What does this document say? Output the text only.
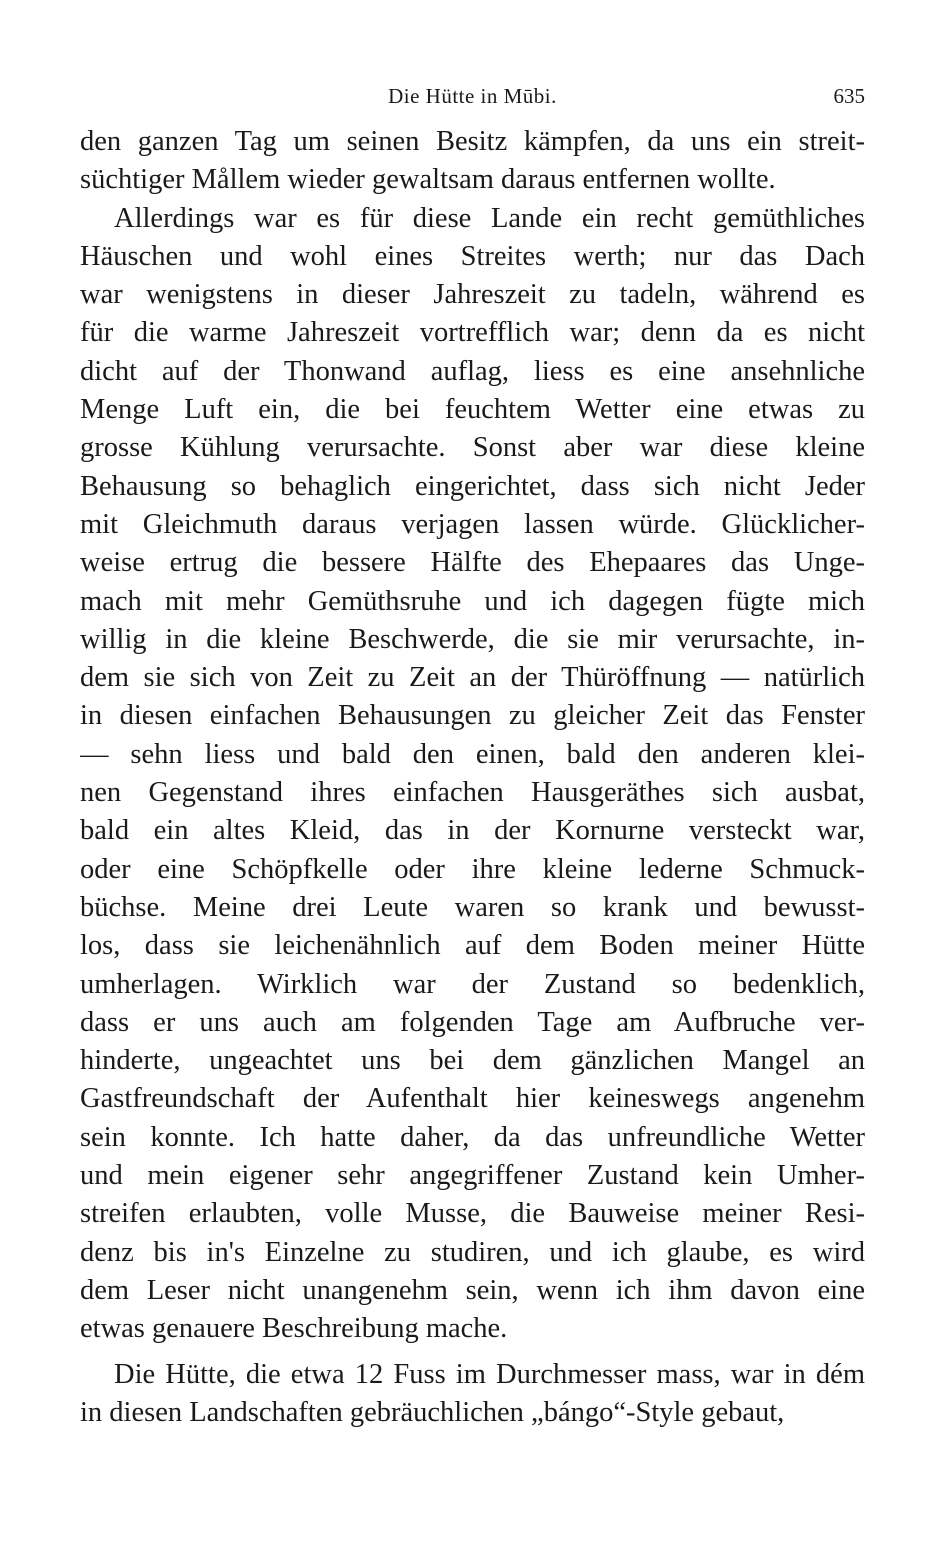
Die Hütte in Mūbi.	635
den ganzen Tag um seinen Besitz kämpfen, da uns ein streit-
süchtiger Mållem wieder gewaltsam daraus entfernen wollte.
Allerdings war es für diese Lande ein recht gemüthliches
Häuschen und wohl eines Streites werth; nur das Dach
war wenigstens in dieser Jahreszeit zu tadeln, während es
für die warme Jahreszeit vortrefflich war; denn da es nicht
dicht auf der Thonwand auflag, liess es eine ansehnliche
Menge Luft ein, die bei feuchtem Wetter eine etwas zu
grosse Kühlung verursachte. Sonst aber war diese kleine
Behausung so behaglich eingerichtet, dass sich nicht Jeder
mit Gleichmuth daraus verjagen lassen würde. Glücklicher-
weise ertrug die bessere Hälfte des Ehepaares das Unge-
mach mit mehr Gemüthsruhe und ich dagegen fügte mich
willig in die kleine Beschwerde, die sie mir verursachte, in-
dem sie sich von Zeit zu Zeit an der Thüröffnung — natürlich
in diesen einfachen Behausungen zu gleicher Zeit das Fenster
— sehn liess und bald den einen, bald den anderen klei-
nen Gegenstand ihres einfachen Hausgeräthes sich ausbat,
bald ein altes Kleid, das in der Kornurne versteckt war,
oder eine Schöpfkelle oder ihre kleine lederne Schmuck-
büchse. Meine drei Leute waren so krank und bewusst-
los, dass sie leichenähnlich auf dem Boden meiner Hütte
umherlagen. Wirklich war der Zustand so bedenklich,
dass er uns auch am folgenden Tage am Aufbruche ver-
hinderte, ungeachtet uns bei dem gänzlichen Mangel an
Gastfreundschaft der Aufenthalt hier keineswegs angenehm
sein konnte. Ich hatte daher, da das unfreundliche Wetter
und mein eigener sehr angegriffener Zustand kein Umher-
streifen erlaubten, volle Musse, die Bauweise meiner Resi-
denz bis in's Einzelne zu studiren, und ich glaube, es wird
dem Leser nicht unangenehm sein, wenn ich ihm davon eine
etwas genauere Beschreibung mache.
Die Hütte, die etwa 12 Fuss im Durchmesser mass, war in dém
in diesen Landschaften gebräuchlichen „bángo“-Style gebaut,
